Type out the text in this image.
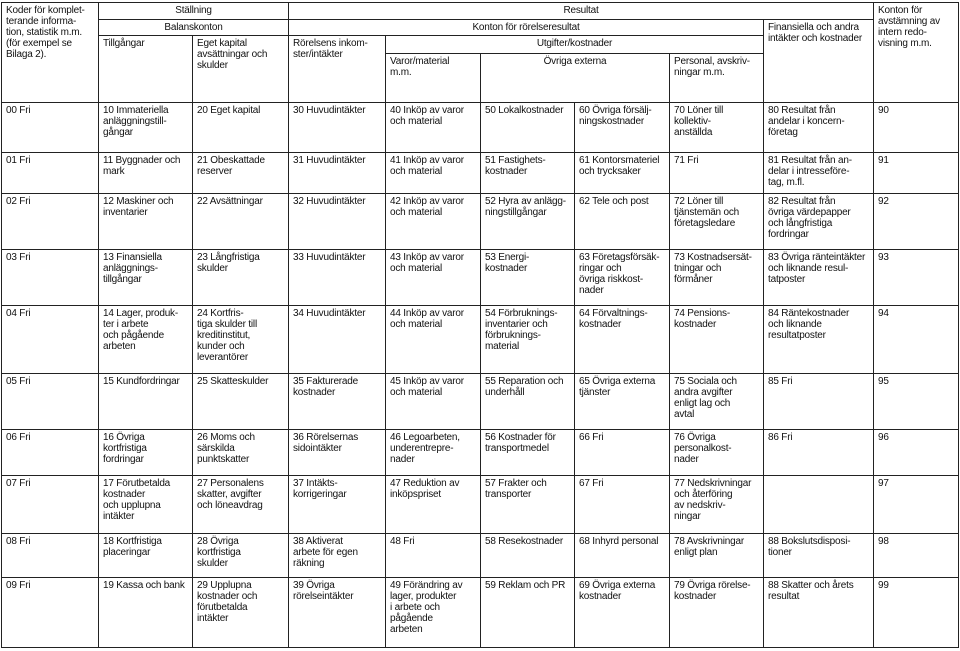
Koder för komplet-
terande informa-
tion, statistik m.m.
(för exempel se
Bilaga 2).	Ställning		Resultat						Konton för
avstämning av
intern redo-
visning m.m.
	Balanskonton		Konton för rörelseresultat					Finansiella och andra
intäkter och kostnader	
	Tillgångar	Eget kapital
avsättningar och
skulder	Rörelsens inkom-
ster/intäkter	Utgifter/kostnader					
				Varor/material
m.m.	Övriga externa		Personal, avskriv-
ningar m.m.		
00 Fri	10 Immateriella
anläggningstill-
gångar	20 Eget kapital	30 Huvudintäkter	40 Inköp av varor
och material	50 Lokalkostnader	60 Övriga försälj-
ningskostnader	70 Löner till
kollektiv-
anställda	80 Resultat från
andelar i koncern-
företag	90
01 Fri	11 Byggnader och
mark	21 Obeskattade
reserver	31 Huvudintäkter	41 Inköp av varor
och material	51 Fastighets-
kostnader	61 Kontorsmateriel
och trycksaker	71 Fri	81 Resultat från an-
delar i intresseföre-
tag, m.fl.	91
02 Fri	12 Maskiner och
inventarier	22 Avsättningar	32 Huvudintäkter	42 Inköp av varor
och material	52 Hyra av anlägg-
ningstillgångar	62 Tele och post	72 Löner till
tjänstemän och
företagsledare	82 Resultat från
övriga värdepapper
och långfristiga
fordringar	92
03 Fri	13 Finansiella
anläggnings-
tillgångar	23 Långfristiga
skulder	33 Huvudintäkter	43 Inköp av varor
och material	53 Energi-
kostnader	63 Företagsförsäk-
ringar och
övriga riskkost-
nader	73 Kostnadsersät-
tningar och
förmåner	83 Övriga ränteintäkter
och liknande resul-
tatposter	93
04 Fri	14 Lager, produk-
ter i arbete
och pågående
arbeten	24 Kortfris-
tiga skulder till
kreditinstitut,
kunder och
leverantörer	34 Huvudintäkter	44 Inköp av varor
och material	54 Förbruknings-
inventarier och
förbruknings-
material	64 Förvaltnings-
kostnader	74 Pensions-
kostnader	84 Räntekostnader
och liknande
resultatposter	94
05 Fri	15 Kundfordringar	25 Skatteskulder	35 Fakturerade
kostnader	45 Inköp av varor
och material	55 Reparation och
underhåll	65 Övriga externa
tjänster	75 Sociala och
andra avgifter
enligt lag och
avtal	85 Fri	95
06 Fri	16 Övriga
kortfristiga
fordringar	26 Moms och
särskilda
punktskatter	36 Rörelsernas
sidointäkter	46 Legoarbeten,
underentrepre-
nader	56 Kostnader för
transportmedel	66 Fri	76 Övriga
personalkost-
nader	86 Fri	96
07 Fri	17 Förutbetalda
kostnader
och upplupna
intäkter	27 Personalens
skatter, avgifter
och löneavdrag	37 Intäkts-
korrigeringar	47 Reduktion av
inköpspriset	57 Frakter och
transporter	67 Fri	77 Nedskrivningar
och återföring
av nedskriv-
ningar		97
08 Fri	18 Kortfristiga
placeringar	28 Övriga
kortfristiga
skulder	38 Aktiverat
arbete för egen
räkning	48 Fri	58 Resekostnader	68 Inhyrd personal	78 Avskrivningar
enligt plan	88 Bokslutsdisposi-
tioner	98
09 Fri	19 Kassa och bank	29 Upplupna
kostnader och
förutbetalda
intäkter	39 Övriga
rörelseintäkter	49 Förändring av
lager, produkter
i arbete och
pågående
arbeten	59 Reklam och PR	69 Övriga externa
kostnader	79 Övriga rörelse-
kostnader	88 Skatter och årets
resultat	99
